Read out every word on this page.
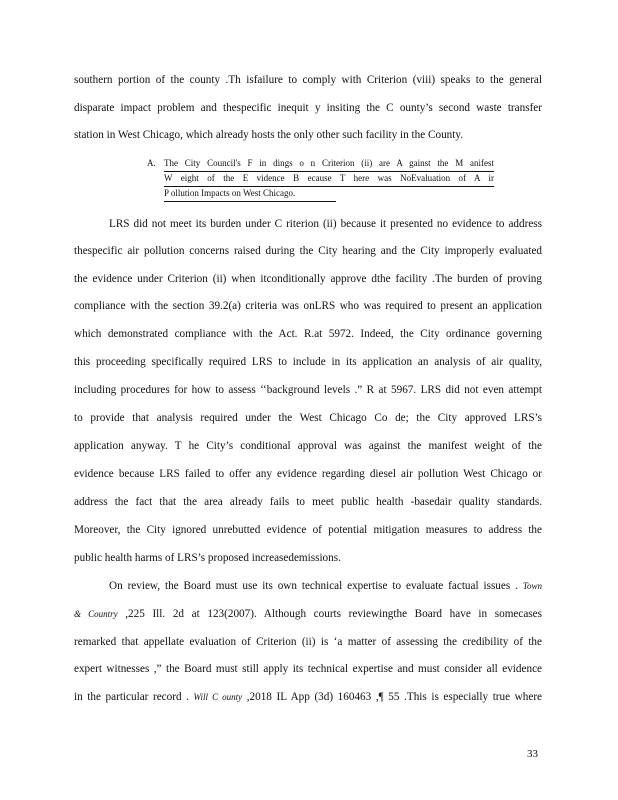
southern portion of the county .Th isfailure to comply with Criterion (viii) speaks to the general
disparate impact problem and thespecific inequit y insiting the C ounty’s second waste transfer
station in West Chicago, which already hosts the only other such facility in the County.
A. The City Council's F in dings o n Criterion (ii) are A gainst the M anifest
W eight of the E vidence B ecause T here was NoEvaluation of A ir
P ollution Impacts on West Chicago.
LRS did not meet its burden under C riterion (ii) because it presented no evidence to address
thespecific air pollution concerns raised during the City hearing and the City improperly evaluated
the evidence under Criterion (ii) when itconditionally approve dthe facility .The burden of proving
compliance with the section 39.2(a) criteria was onLRS who was required to present an application
which demonstrated compliance with the Act. R.at 5972. Indeed, the City ordinance governing
this proceeding specifically required LRS to include in its application an analysis of air quality,
including procedures for how to assess ‘‘background levels .” R at 5967. LRS did not even attempt
to provide that analysis required under the West Chicago Co de; the City approved LRS’s
application anyway. T he City’s conditional approval was against the manifest weight of the
evidence because LRS failed to offer any evidence regarding diesel air pollution West Chicago or
address the fact that the area already fails to meet public health -basedair quality standards.
Moreover, the City ignored unrebutted evidence of potential mitigation measures to address the
public health harms of LRS’s proposed increasedemissions.
On review, the Board must use its own technical expertise to evaluate factual issues . Town
& Country ,225 Ill. 2d at 123(2007). Although courts reviewingthe Board have in somecases
remarked that appellate evaluation of Criterion (ii) is ‘a matter of assessing the credibility of the
expert witnesses ,” the Board must still apply its technical expertise and must consider all evidence
in the particular record . Will C ounty ,2018 IL App (3d) 160463 ,¶ 55 .This is especially true where
33
